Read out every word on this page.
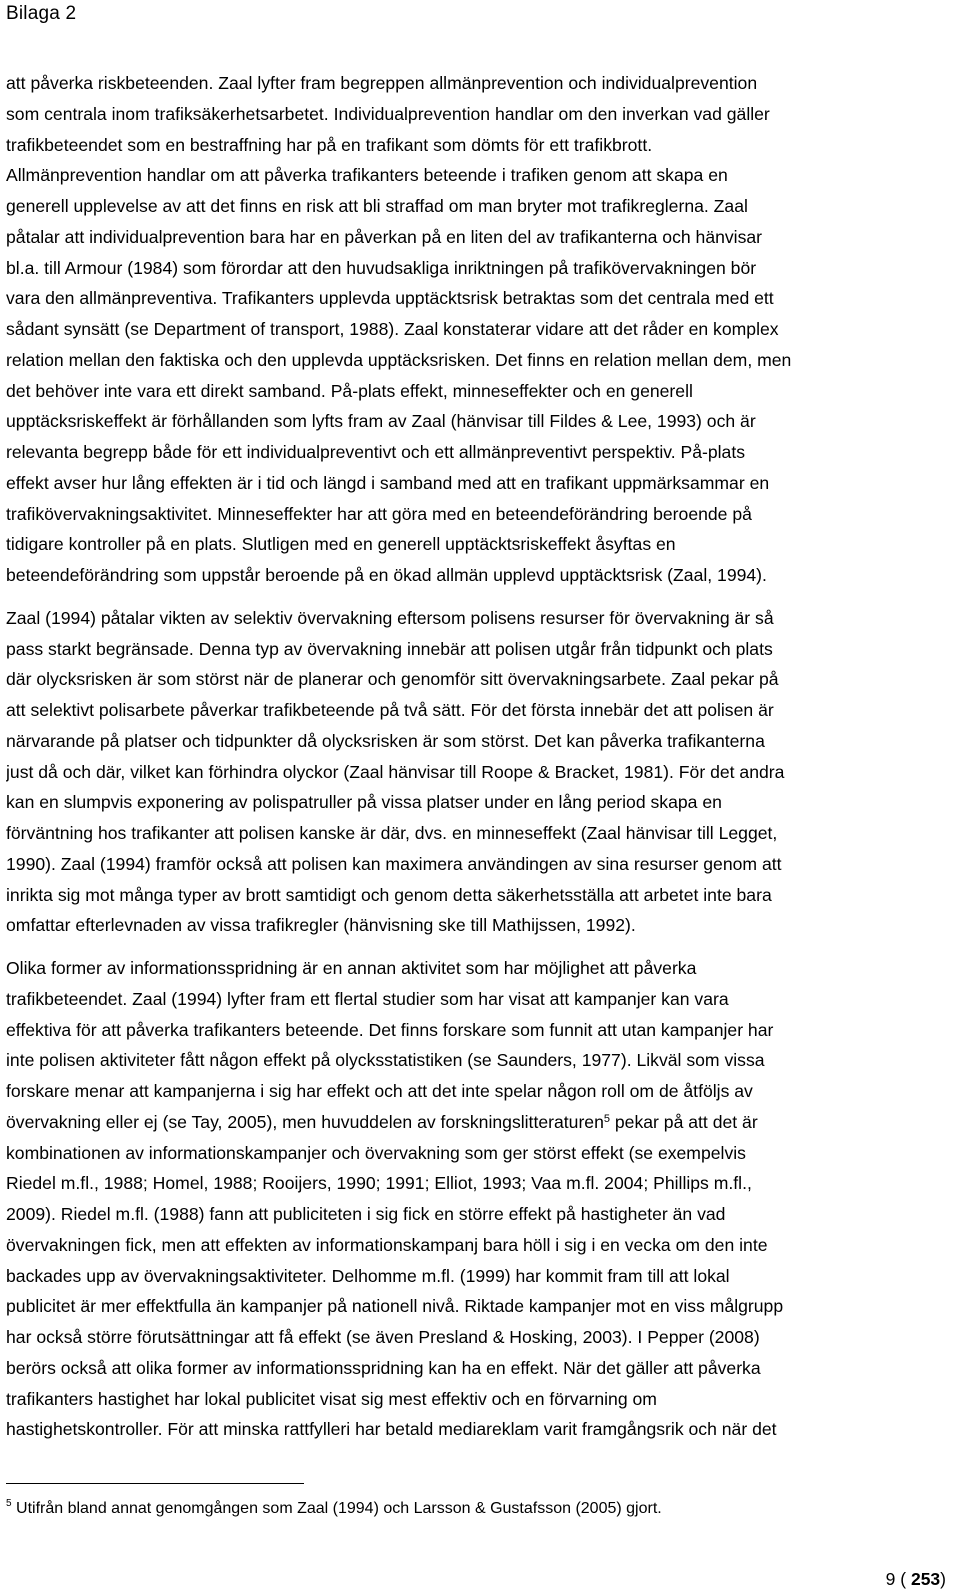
Bilaga 2

att påverka riskbeteenden. Zaal lyfter fram begreppen allmänprevention och individualprevention
som centrala inom trafiksäkerhetsarbetet. Individualprevention handlar om den inverkan vad gäller
trafikbeteendet som en bestraffning har på en trafikant som dömts för ett trafikbrott.
Allmänprevention handlar om att påverka trafikanters beteende i trafiken genom att skapa en
generell upplevelse av att det finns en risk att bli straffad om man bryter mot trafikreglerna. Zaal
påtalar att individualprevention bara har en påverkan på en liten del av trafikanterna och hänvisar
bl.a. till Armour (1984) som förordar att den huvudsakliga inriktningen på trafikövervakningen bör
vara den allmänpreventiva. Trafikanters upplevda upptäcktsrisk betraktas som det centrala med ett
sådant synsätt (se Department of transport, 1988). Zaal konstaterar vidare att det råder en komplex
relation mellan den faktiska och den upplevda upptäcksrisken. Det finns en relation mellan dem, men
det behöver inte vara ett direkt samband. På-plats effekt, minneseffekter och en generell
upptäcksriskeffekt är förhållanden som lyfts fram av Zaal (hänvisar till Fildes & Lee, 1993) och är
relevanta begrepp både för ett individualpreventivt och ett allmänpreventivt perspektiv. På-plats
effekt avser hur lång effekten är i tid och längd i samband med att en trafikant uppmärksammar en
trafikövervakningsaktivitet. Minneseffekter har att göra med en beteendeförändring beroende på
tidigare kontroller på en plats. Slutligen med en generell upptäcktsriskeffekt åsyftas en
beteendeförändring som uppstår beroende på en ökad allmän upplevd upptäcktsrisk (Zaal, 1994).

Zaal (1994) påtalar vikten av selektiv övervakning eftersom polisens resurser för övervakning är så
pass starkt begränsade. Denna typ av övervakning innebär att polisen utgår från tidpunkt och plats
där olycksrisken är som störst när de planerar och genomför sitt övervakningsarbete. Zaal pekar på
att selektivt polisarbete påverkar trafikbeteende på två sätt. För det första innebär det att polisen är
närvarande på platser och tidpunkter då olycksrisken är som störst. Det kan påverka trafikanterna
just då och där, vilket kan förhindra olyckor (Zaal hänvisar till Roope & Bracket, 1981). För det andra
kan en slumpvis exponering av polispatruller på vissa platser under en lång period skapa en
förväntning hos trafikanter att polisen kanske är där, dvs. en minneseffekt (Zaal hänvisar till Legget,
1990). Zaal (1994) framför också att polisen kan maximera användingen av sina resurser genom att
inrikta sig mot många typer av brott samtidigt och genom detta säkerhetsställa att arbetet inte bara
omfattar efterlevnaden av vissa trafikregler (hänvisning ske till Mathijssen, 1992).

Olika former av informationsspridning är en annan aktivitet som har möjlighet att påverka
trafikbeteendet. Zaal (1994) lyfter fram ett flertal studier som har visat att kampanjer kan vara
effektiva för att påverka trafikanters beteende. Det finns forskare som funnit att utan kampanjer har
inte polisen aktiviteter fått någon effekt på olycksstatistiken (se Saunders, 1977). Likväl som vissa
forskare menar att kampanjerna i sig har effekt och att det inte spelar någon roll om de åtföljs av
övervakning eller ej (se Tay, 2005), men huvuddelen av forskningslitteraturen$^5$ pekar på att det är
kombinationen av informationskampanjer och övervakning som ger störst effekt (se exempelvis
Riedel m.fl., 1988; Homel, 1988; Rooijers, 1990; 1991; Elliot, 1993; Vaa m.fl. 2004; Phillips m.fl.,
2009). Riedel m.fl. (1988) fann att publiciteten i sig fick en större effekt på hastigheter än vad
övervakningen fick, men att effekten av informationskampanj bara höll i sig i en vecka om den inte
backades upp av övervakningsaktiviteter. Delhomme m.fl. (1999) har kommit fram till att lokal
publicitet är mer effektfulla än kampanjer på nationell nivå. Riktade kampanjer mot en viss målgrupp
har också större förutsättningar att få effekt (se även Presland & Hosking, 2003). I Pepper (2008)
berörs också att olika former av informationsspridning kan ha en effekt. När det gäller att påverka
trafikanters hastighet har lokal publicitet visat sig mest effektiv och en förvarning om
hastighetskontroller. För att minska rattfylleri har betald mediareklam varit framgångsrik och när det

$^5$ Utifrån bland annat genomgången som Zaal (1994) och Larsson & Gustafsson (2005) gjort.
9 ( 253)
